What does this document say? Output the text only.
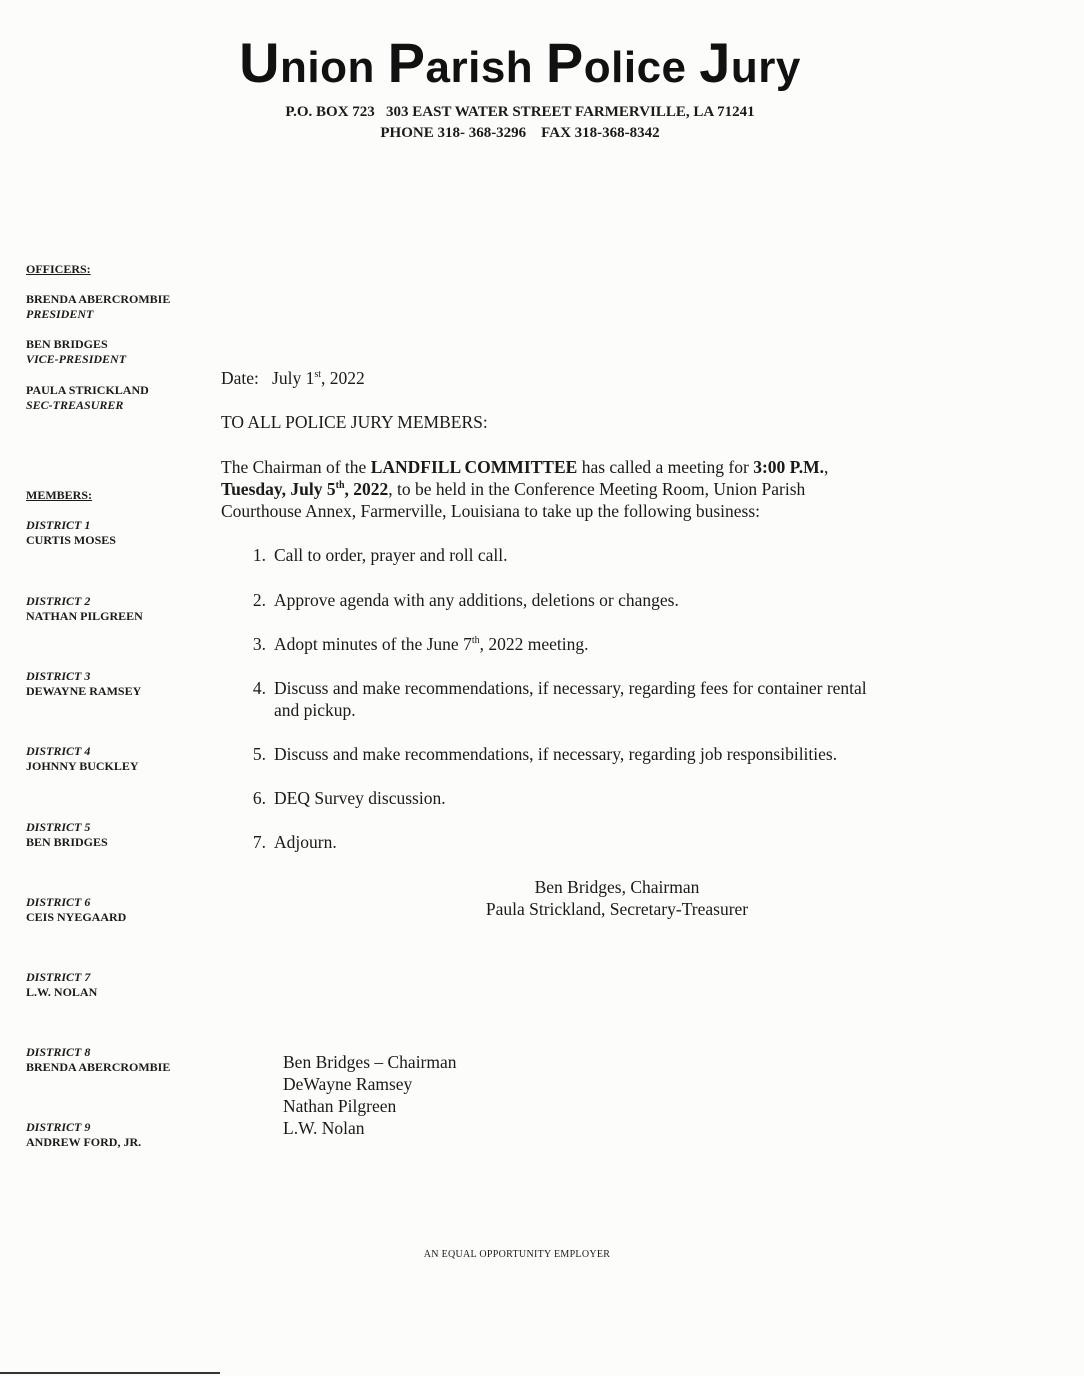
Union Parish Police Jury
P.O. BOX 723   303 EAST WATER STREET FARMERVILLE, LA 71241
PHONE 318- 368-3296    FAX 318-368-8342
OFFICERS:
BRENDA ABERCROMBIE
PRESIDENT
BEN BRIDGES
VICE-PRESIDENT
PAULA STRICKLAND
SEC-TREASURER
MEMBERS:
DISTRICT 1
CURTIS MOSES
DISTRICT 2
NATHAN PILGREEN
DISTRICT 3
DEWAYNE RAMSEY
DISTRICT 4
JOHNNY BUCKLEY
DISTRICT 5
BEN BRIDGES
DISTRICT 6
CEIS NYEGAARD
DISTRICT 7
L.W. NOLAN
DISTRICT 8
BRENDA ABERCROMBIE
DISTRICT 9
ANDREW FORD, JR.
Date: July 1st, 2022
TO ALL POLICE JURY MEMBERS:
The Chairman of the LANDFILL COMMITTEE has called a meeting for 3:00 P.M.,
Tuesday, July 5th, 2022, to be held in the Conference Meeting Room, Union Parish
Courthouse Annex, Farmerville, Louisiana to take up the following business:
1. Call to order, prayer and roll call.
2. Approve agenda with any additions, deletions or changes.
3. Adopt minutes of the June 7th, 2022 meeting.
4. Discuss and make recommendations, if necessary, regarding fees for container rental
and pickup.
5. Discuss and make recommendations, if necessary, regarding job responsibilities.
6. DEQ Survey discussion.
7. Adjourn.
Ben Bridges, Chairman
Paula Strickland, Secretary-Treasurer
Ben Bridges – Chairman
DeWayne Ramsey
Nathan Pilgreen
L.W. Nolan
AN EQUAL OPPORTUNITY EMPLOYER
